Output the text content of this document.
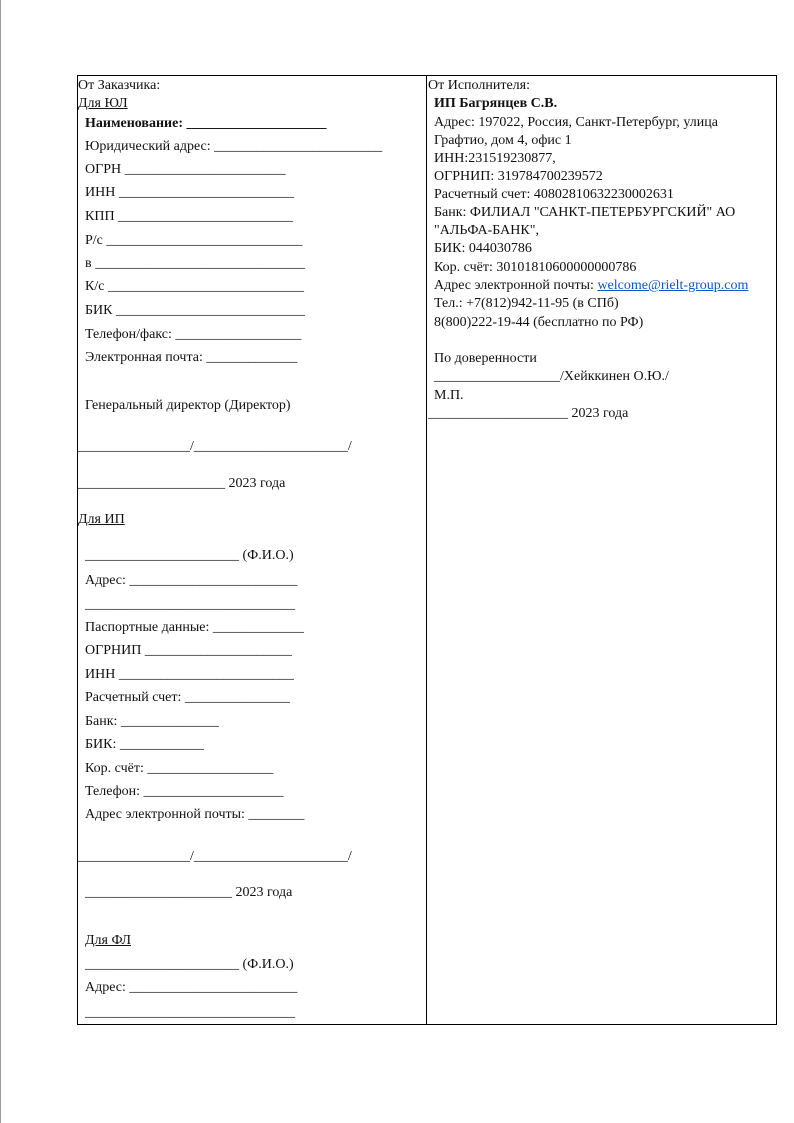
От Заказчика:
Для ЮЛ
Наименование: ____________________
Юридический адрес: ________________________
ОГРН _______________________
ИНН _________________________
КПП _________________________
Р/с ____________________________
в ______________________________
К/с ____________________________
БИК ___________________________
Телефон/факс: __________________
Электронная почта: _____________
Генеральный директор (Директор)
________________/______________________/
_____________________ 2023 года
Для ИП
______________________ (Ф.И.О.)
Адрес: ________________________
______________________________
Паспортные данные: _____________
ОГРНИП _____________________
ИНН _________________________
Расчетный счет: _______________
Банк: ______________
БИК: ____________
Кор. счёт: __________________
Телефон: ____________________
Адрес электронной почты: ________
________________/______________________/
_____________________ 2023 года
Для ФЛ
______________________ (Ф.И.О.)
Адрес: ________________________
______________________________
От Исполнителя:
ИП Багрянцев С.В.
Адрес: 197022, Россия, Санкт-Петербург, улица
Графтио, дом 4, офис 1
ИНН:231519230877,
ОГРНИП: 319784700239572
Расчетный счет: 40802810632230002631
Банк: ФИЛИАЛ "САНКТ-ПЕТЕРБУРГСКИЙ" АО
"АЛЬФА-БАНК",
БИК: 044030786
Кор. счёт: 30101810600000000786
Адрес электронной почты: welcome@rielt-group.com
Тел.: +7(812)942-11-95 (в СПб)
8(800)222-19-44 (бесплатно по РФ)
По доверенности
__________________/Хейккинен О.Ю./
М.П.
____________________ 2023 года
